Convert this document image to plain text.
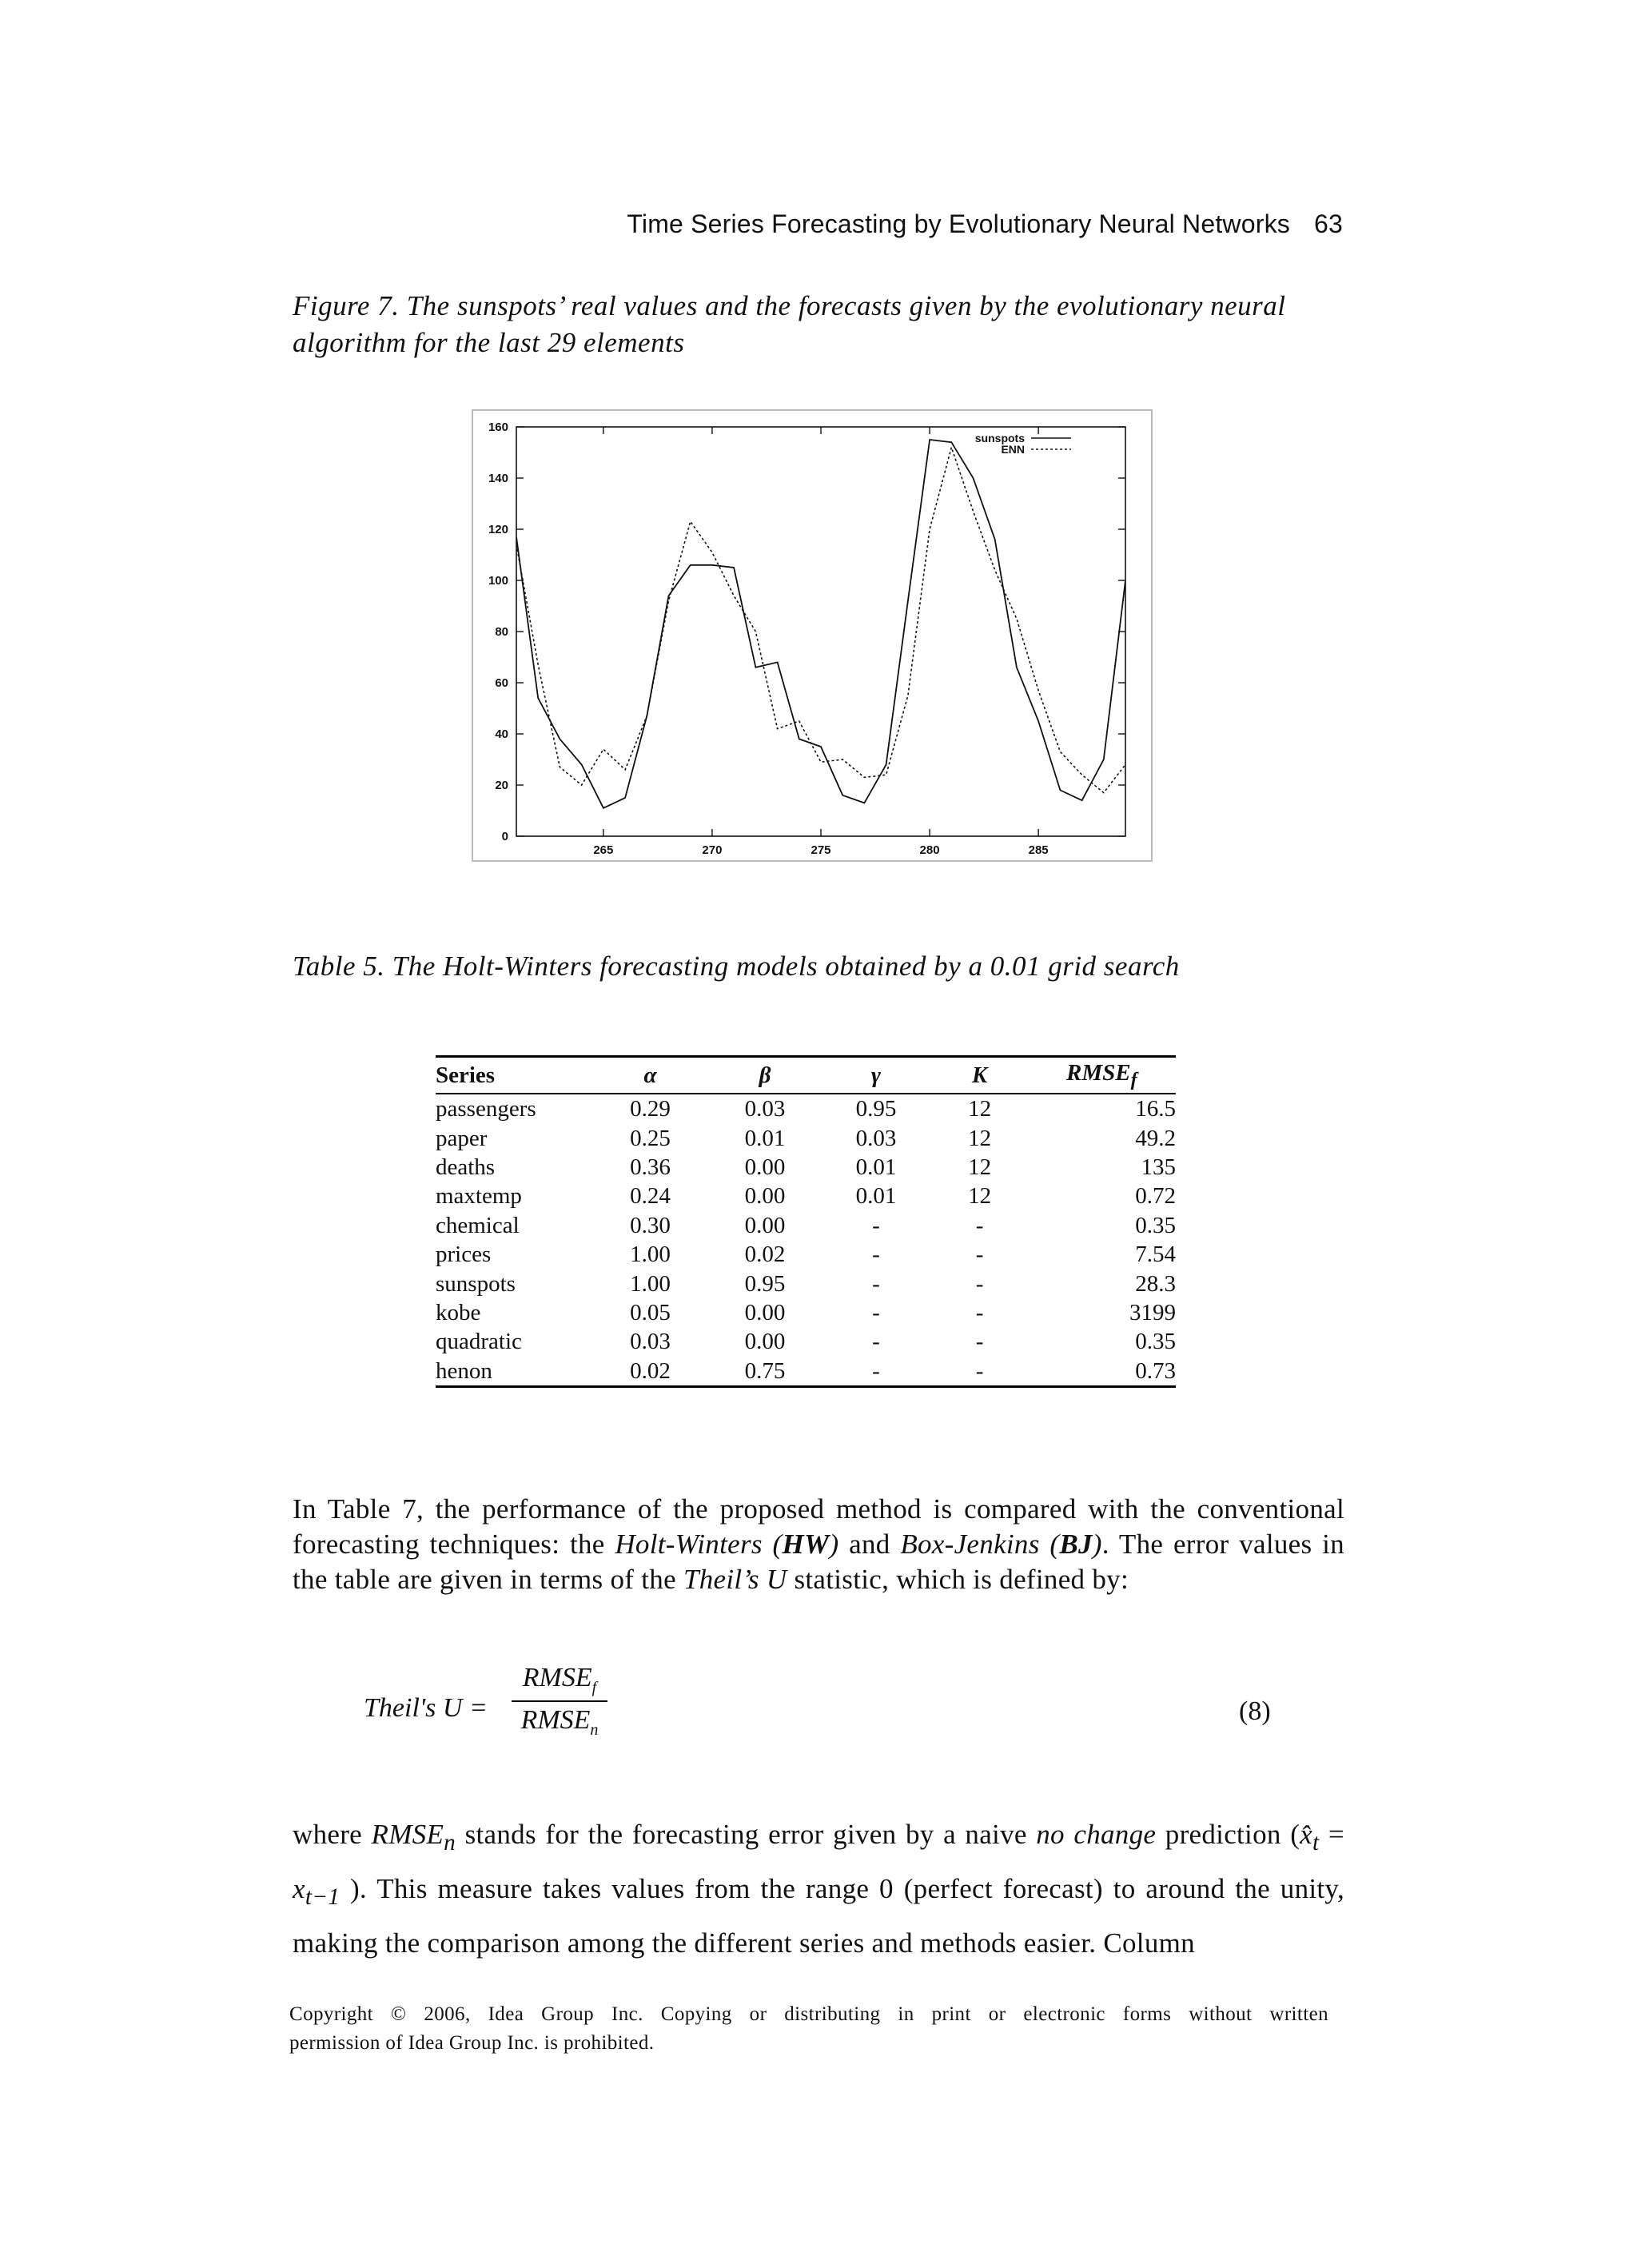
Time Series Forecasting by Evolutionary Neural Networks 63
Figure 7. The sunspots’ real values and the forecasts given by the evolutionary neural algorithm for the last 29 elements
0
20
40
60
80
100
120
140
160
265	270	275	280	285
sunspots
ENN
Table 5. The Holt-Winters forecasting models obtained by a 0.01 grid search
Series	α	β	γ	K	$RMSE_f$
passengers	0.29	0.03	0.95	12	16.5
paper	0.25	0.01	0.03	12	49.2
deaths	0.36	0.00	0.01	12	135
maxtemp	0.24	0.00	0.01	12	0.72
chemical	0.30	0.00	-	-	0.35
prices	1.00	0.02	-	-	7.54
sunspots	1.00	0.95	-	-	28.3
kobe	0.05	0.00	-	-	3199
quadratic	0.03	0.00	-	-	0.35
henon	0.02	0.75	-	-	0.73
In Table 7, the performance of the proposed method is compared with the conventional forecasting techniques: the Holt-Winters (HW) and Box-Jenkins (BJ). The error values in the table are given in terms of the Theil’s U statistic, which is defined by:
Theil's U =
$RMSE_f$
$RMSE_n$
(8)
where $RMSE_n$ stands for the forecasting error given by a naive no change prediction ($x̂_t = x_{t-1}$ ). This measure takes values from the range 0 (perfect forecast) to around the unity, making the comparison among the different series and methods easier. Column
Copyright © 2006, Idea Group Inc. Copying or distributing in print or electronic forms without written
permission of Idea Group Inc. is prohibited.
